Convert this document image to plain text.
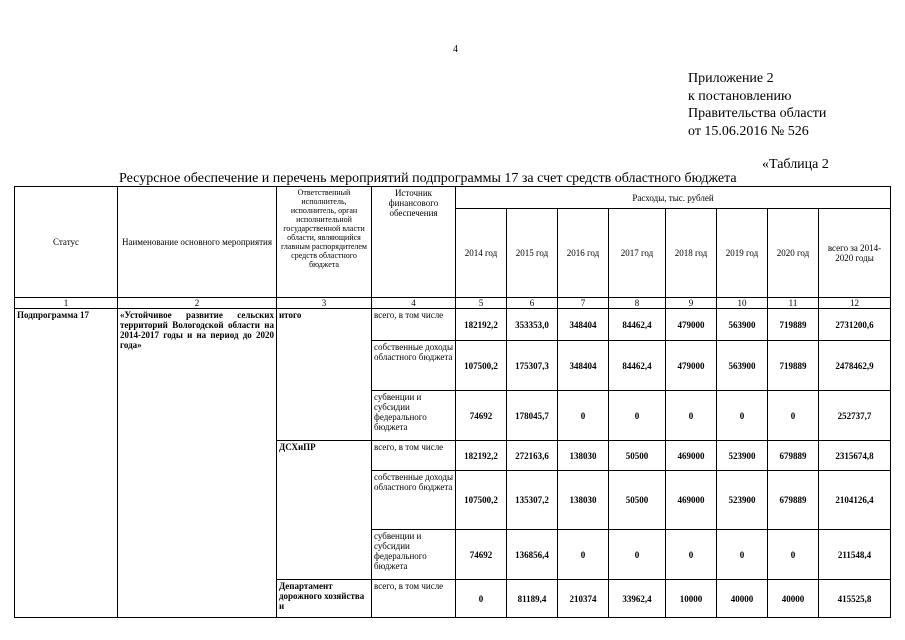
4
Приложение 2
к постановлению
Правительства области
от 15.06.2016 № 526
«Таблица 2
Ресурсное обеспечение и перечень мероприятий подпрограммы 17 за счет средств областного бюджета
Статус	Наименование основного мероприятия	Ответственный исполнитель, исполнитель, орган исполнительной государственной власти области, являющийся главным распорядителем средств областного бюджета	Источник финансового обеспечения	Расходы, тыс. рублей							
				2014 год	2015 год	2016 год	2017 год	2018 год	2019 год	2020 год	всего за 2014-2020 годы
1	2	3	4	5	6	7	8	9	10	11	12
Подпрограмма 17	«Устойчивое развитие сельских территорий Вологодской области на 2014-2017 годы и на период до 2020 года»	итого	всего, в том числе	182192,2	353353,0	348404	84462,4	479000	563900	719889	2731200,6
			собственные доходы областного бюджета	107500,2	175307,3	348404	84462,4	479000	563900	719889	2478462,9
			субвенции и субсидии федерального бюджета	74692	178045,7	0	0	0	0	0	252737,7
		ДСХиПР	всего, в том числе	182192,2	272163,6	138030	50500	469000	523900	679889	2315674,8
			собственные доходы областного бюджета	107500,2	135307,2	138030	50500	469000	523900	679889	2104126,4
			субвенции и субсидии федерального бюджета	74692	136856,4	0	0	0	0	0	211548,4
		Департамент дорожного хозяйства и	всего, в том числе	0	81189,4	210374	33962,4	10000	40000	40000	415525,8
